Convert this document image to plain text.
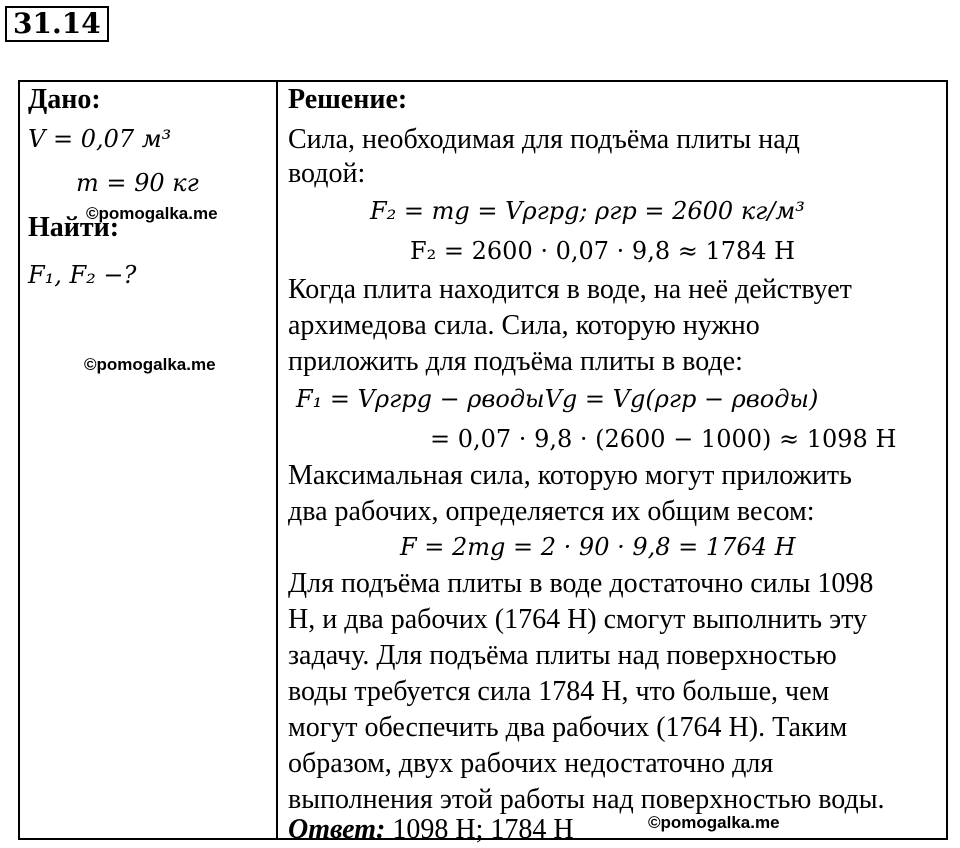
31.14
Дано:
V = 0,07 м³
m = 90 кг
Найти:
F₁, F₂ −?
Решение:
Сила, необходимая для подъёма плиты над
водой:
F₂ = mg = Vρгрg; ρгр = 2600 кг/м³
F₂ = 2600 · 0,07 · 9,8 ≈ 1784 Н
Когда плита находится в воде, на неё действует
архимедова сила. Сила, которую нужно
приложить для подъёма плиты в воде:
F₁ = Vρгрg − ρводыVg = Vg(ρгр − ρводы)
= 0,07 · 9,8 · (2600 − 1000) ≈ 1098 Н
Максимальная сила, которую могут приложить
два рабочих, определяется их общим весом:
F = 2mg = 2 · 90 · 9,8 = 1764 Н
Для подъёма плиты в воде достаточно силы 1098
Н, и два рабочих (1764 Н) смогут выполнить эту
задачу. Для подъёма плиты над поверхностью
воды требуется сила 1784 Н, что больше, чем
могут обеспечить два рабочих (1764 Н). Таким
образом, двух рабочих недостаточно для
выполнения этой работы над поверхностью воды.
Ответ: 1098 Н; 1784 Н
©pomogalka.me
©pomogalka.me
©pomogalka.me
